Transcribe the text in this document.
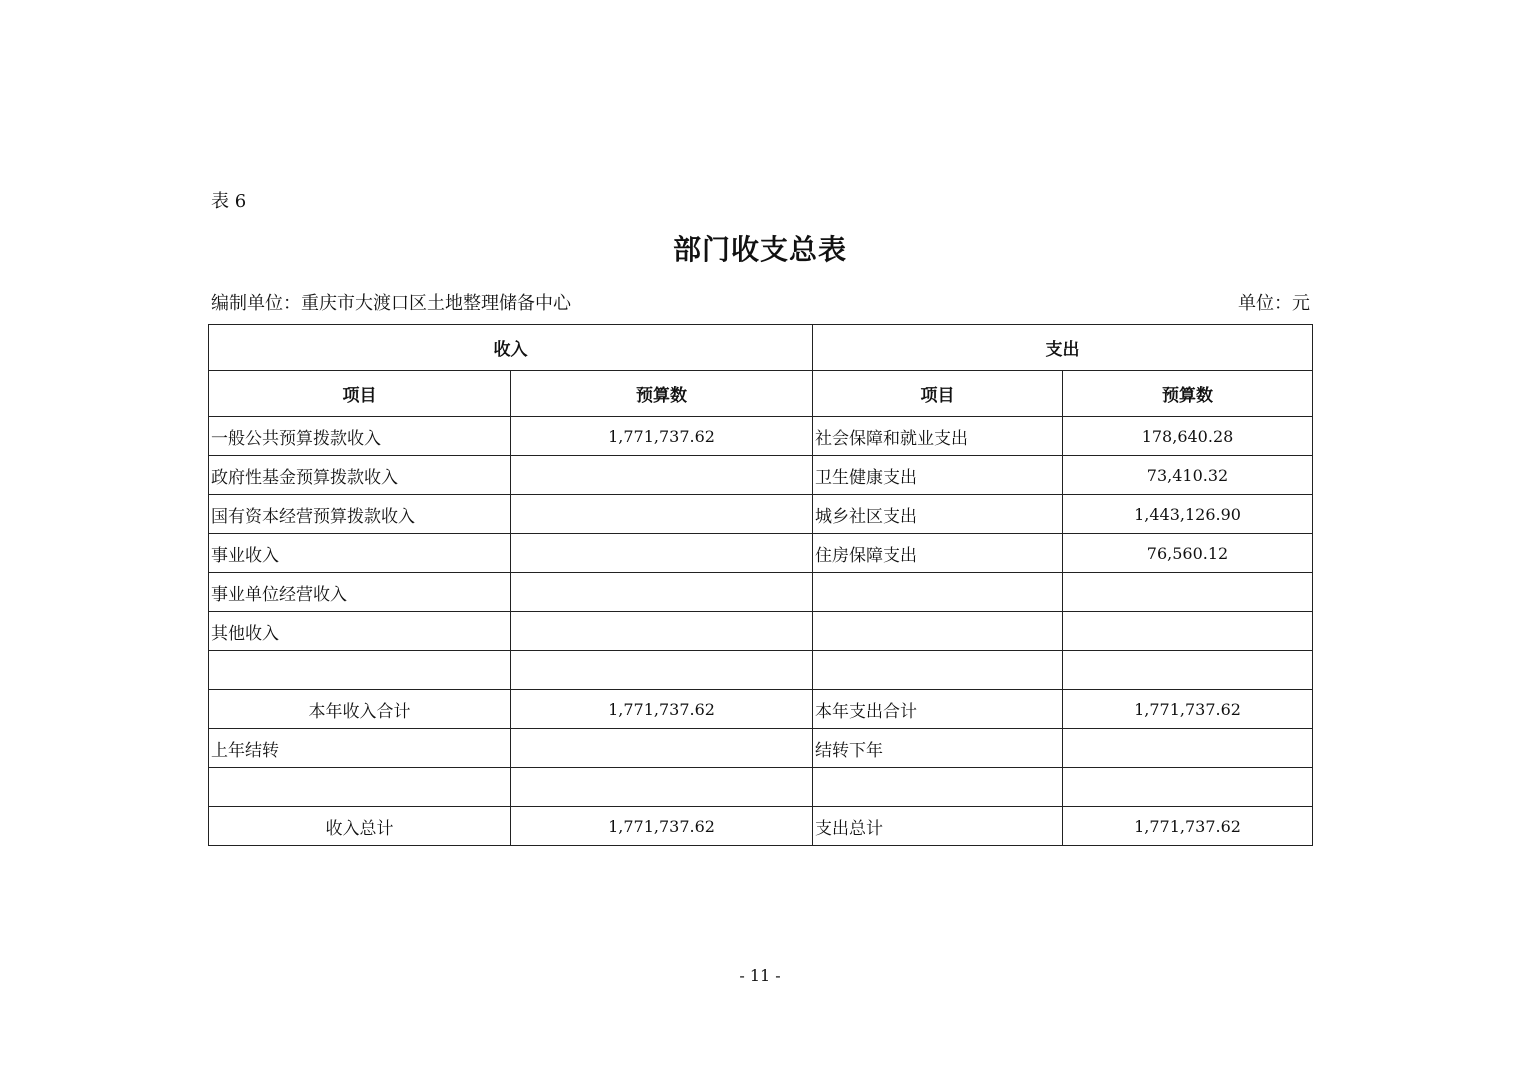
表 6
部门收支总表
编制单位：重庆市大渡口区土地整理储备中心	单位：元
收入		支出	
项目	预算数	项目	预算数
一般公共预算拨款收入	1,771,737.62	社会保障和就业支出	178,640.28
政府性基金预算拨款收入		卫生健康支出	73,410.32
国有资本经营预算拨款收入		城乡社区支出	1,443,126.90
事业收入		住房保障支出	76,560.12
事业单位经营收入			
其他收入			

本年收入合计	1,771,737.62	本年支出合计	1,771,737.62
上年结转		结转下年	

收入总计	1,771,737.62	支出总计	1,771,737.62
- 11 -
